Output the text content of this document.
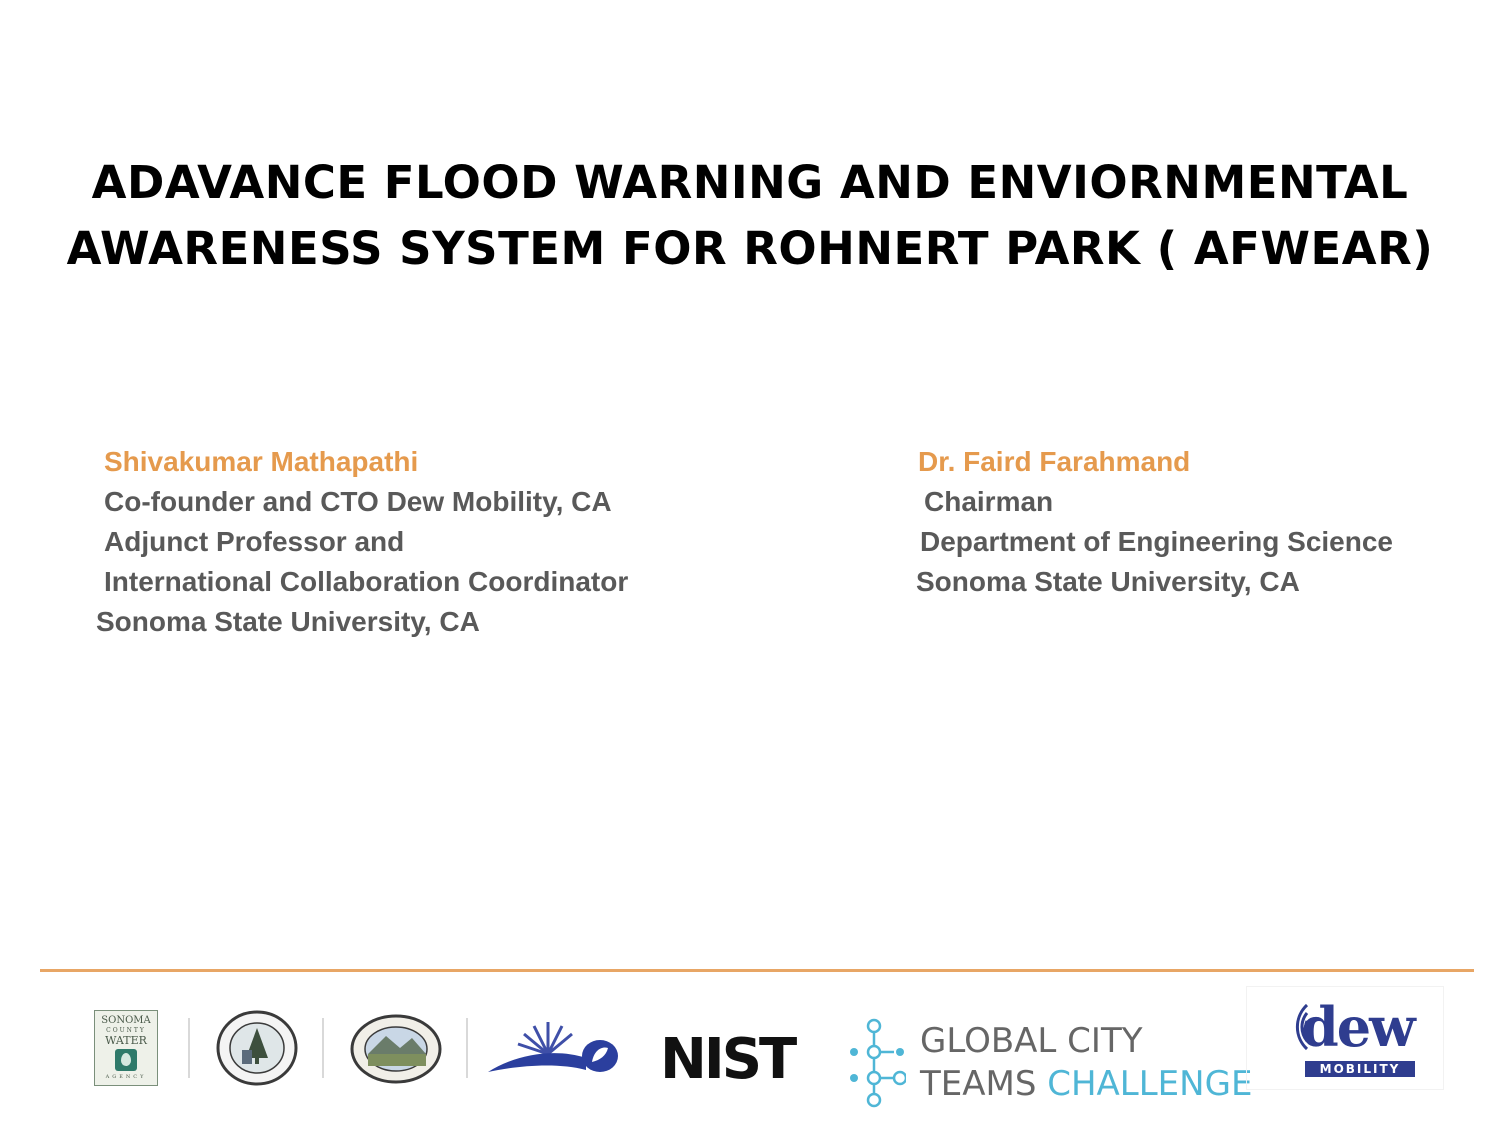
ADAVANCE FLOOD WARNING AND ENVIORNMENTAL
AWARENESS SYSTEM FOR ROHNERT PARK ( AFWEAR)
Shivakumar Mathapathi
Co-founder and CTO Dew Mobility, CA
Adjunct Professor and
International Collaboration Coordinator
Sonoma State University, CA
Dr. Faird Farahmand
Chairman
Department of Engineering Science
Sonoma State University, CA
SONOMA
COUNTY
WATER
AGENCY	NIST	GLOBAL CITY
TEAMS CHALLENGE
dew
MOBILITY
